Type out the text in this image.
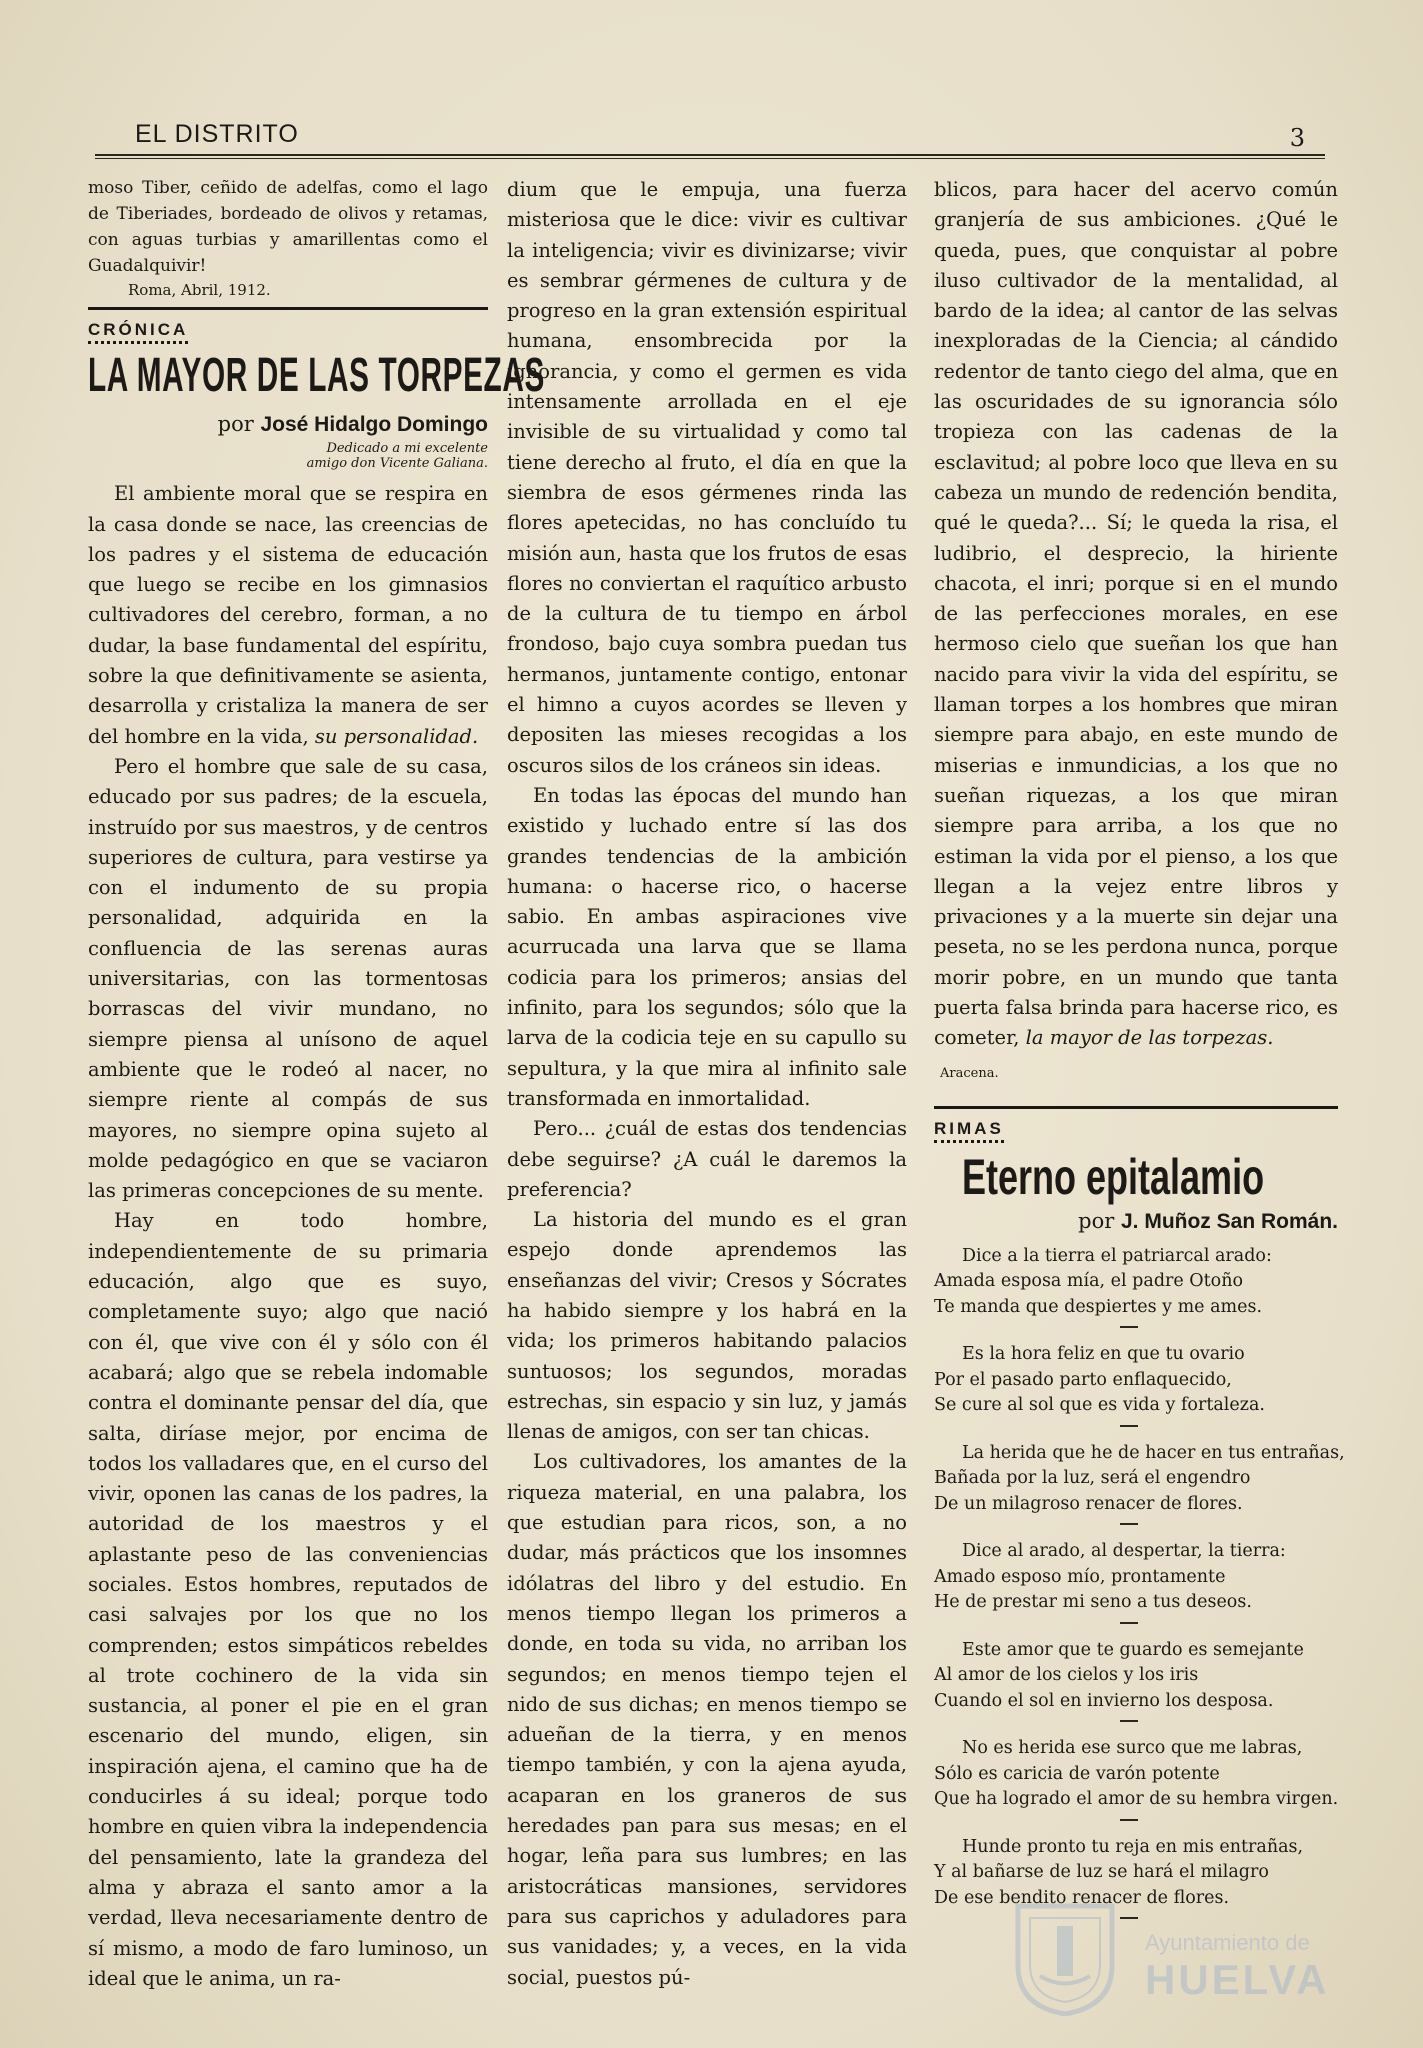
EL DISTRITO	3

moso Tiber, ceñido de adelfas, como el lago de Tiberiades, bordeado de olivos y retamas, con aguas turbias y amarillentas como el Guadalquivir!

Roma, Abril, 1912.
CRÓNICA
LA MAYOR DE LAS TORPEZAS
por José Hidalgo Domingo
Dedicado a mi excelente
amigo don Vicente Galiana.

El ambiente moral que se respira en la casa donde se nace, las creencias de los padres y el sistema de educación que luego se recibe en los gimnasios cultivadores del cerebro, forman, a no dudar, la base fundamental del espíritu, sobre la que definitivamente se asienta, desarrolla y cristaliza la manera de ser del hombre en la vida, su personalidad.

Pero el hombre que sale de su casa, educado por sus padres; de la escuela, instruído por sus maestros, y de centros superiores de cultura, para vestirse ya con el indumento de su propia personalidad, adquirida en la confluencia de las serenas auras universitarias, con las tormentosas borrascas del vivir mundano, no siempre piensa al unísono de aquel ambiente que le rodeó al nacer, no siempre riente al compás de sus mayores, no siempre opina sujeto al molde pedagógico en que se vaciaron las primeras concepciones de su mente.

Hay en todo hombre, independientemente de su primaria educación, algo que es suyo, completamente suyo; algo que nació con él, que vive con él y sólo con él acabará; algo que se rebela indomable contra el dominante pensar del día, que salta, diríase mejor, por encima de todos los valladares que, en el curso del vivir, oponen las canas de los padres, la autoridad de los maestros y el aplastante peso de las conveniencias sociales. Estos hombres, reputados de casi salvajes por los que no los comprenden; estos simpáticos rebeldes al trote cochinero de la vida sin sustancia, al poner el pie en el gran escenario del mundo, eligen, sin inspiración ajena, el camino que ha de conducirles á su ideal; porque todo hombre en quien vibra la independencia del pensamiento, late la grandeza del alma y abraza el santo amor a la verdad, lleva necesariamente dentro de sí mismo, a modo de faro luminoso, un ideal que le anima, un ra-

dium que le empuja, una fuerza misteriosa que le dice: vivir es cultivar la inteligencia; vivir es divinizarse; vivir es sembrar gérmenes de cultura y de progreso en la gran extensión espiritual humana, ensombrecida por la ignorancia, y como el germen es vida intensamente arrollada en el eje invisible de su virtualidad y como tal tiene derecho al fruto, el día en que la siembra de esos gérmenes rinda las flores apetecidas, no has concluído tu misión aun, hasta que los frutos de esas flores no conviertan el raquítico arbusto de la cultura de tu tiempo en árbol frondoso, bajo cuya sombra puedan tus hermanos, juntamente contigo, entonar el himno a cuyos acordes se lleven y depositen las mieses recogidas a los oscuros silos de los cráneos sin ideas.

En todas las épocas del mundo han existido y luchado entre sí las dos grandes tendencias de la ambición humana: o hacerse rico, o hacerse sabio. En ambas aspiraciones vive acurrucada una larva que se llama codicia para los primeros; ansias del infinito, para los segundos; sólo que la larva de la codicia teje en su capullo su sepultura, y la que mira al infinito sale transformada en inmortalidad.

Pero... ¿cuál de estas dos tendencias debe seguirse? ¿A cuál le daremos la preferencia?

La historia del mundo es el gran espejo donde aprendemos las enseñanzas del vivir; Cresos y Sócrates ha habido siempre y los habrá en la vida; los primeros habitando palacios suntuosos; los segundos, moradas estrechas, sin espacio y sin luz, y jamás llenas de amigos, con ser tan chicas.

Los cultivadores, los amantes de la riqueza material, en una palabra, los que estudian para ricos, son, a no dudar, más prácticos que los insomnes idólatras del libro y del estudio. En menos tiempo llegan los primeros a donde, en toda su vida, no arriban los segundos; en menos tiempo tejen el nido de sus dichas; en menos tiempo se adueñan de la tierra, y en menos tiempo también, y con la ajena ayuda, acaparan en los graneros de sus heredades pan para sus mesas; en el hogar, leña para sus lumbres; en las aristocráticas mansiones, servidores para sus caprichos y aduladores para sus vanidades; y, a veces, en la vida social, puestos pú-

blicos, para hacer del acervo común granjería de sus ambiciones. ¿Qué le queda, pues, que conquistar al pobre iluso cultivador de la mentalidad, al bardo de la idea; al cantor de las selvas inexploradas de la Ciencia; al cándido redentor de tanto ciego del alma, que en las oscuridades de su ignorancia sólo tropieza con las cadenas de la esclavitud; al pobre loco que lleva en su cabeza un mundo de redención bendita, qué le queda?... Sí; le queda la risa, el ludibrio, el desprecio, la hiriente chacota, el inri; porque si en el mundo de las perfecciones morales, en ese hermoso cielo que sueñan los que han nacido para vivir la vida del espíritu, se llaman torpes a los hombres que miran siempre para abajo, en este mundo de miserias e inmundicias, a los que no sueñan riquezas, a los que miran siempre para arriba, a los que no estiman la vida por el pienso, a los que llegan a la vejez entre libros y privaciones y a la muerte sin dejar una peseta, no se les perdona nunca, porque morir pobre, en un mundo que tanta puerta falsa brinda para hacerse rico, es cometer, la mayor de las torpezas.

Aracena.
RIMAS
Eterno epitalamio
por J. Muñoz San Román.
Dice a la tierra el patriarcal arado:
Amada esposa mía, el padre Otoño
Te manda que despiertes y me ames.
Es la hora feliz en que tu ovario
Por el pasado parto enflaquecido,
Se cure al sol que es vida y fortaleza.
La herida que he de hacer en tus entrañas,
Bañada por la luz, será el engendro
De un milagroso renacer de flores.
Dice al arado, al despertar, la tierra:
Amado esposo mío, prontamente
He de prestar mi seno a tus deseos.
Este amor que te guardo es semejante
Al amor de los cielos y los iris
Cuando el sol en invierno los desposa.
No es herida ese surco que me labras,
Sólo es caricia de varón potente
Que ha logrado el amor de su hembra virgen.
Hunde pronto tu reja en mis entrañas,
Y al bañarse de luz se hará el milagro
De ese bendito renacer de flores.
Ayuntamiento de
HUELVA
